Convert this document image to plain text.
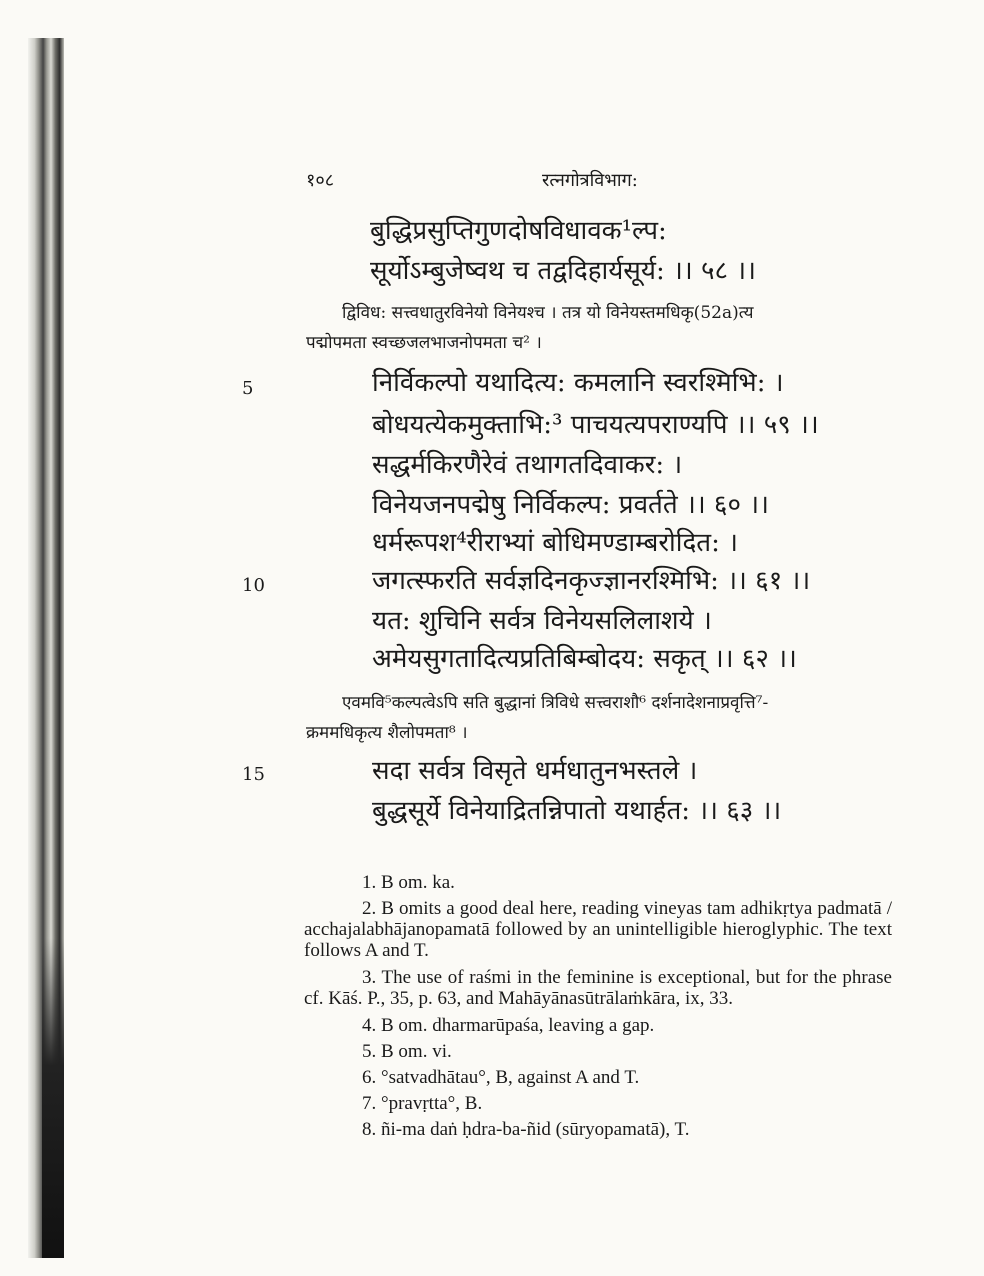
१०८	रत्नगोत्रविभाग:
बुद्धिप्रसुप्तिगुणदोषविधावक¹ल्प:
सूर्योऽम्बुजेष्वथ च तद्वदिहार्यसूर्य: ।। ५८ ।।
द्विविध: सत्त्वधातुरविनेयो विनेयश्च । तत्र यो विनेयस्तमधिकृ(52a)त्य
पद्मोपमता स्वच्छजलभाजनोपमता च² ।
5	निर्विकल्पो यथादित्य: कमलानि स्वरश्मिभि: ।
बोधयत्येकमुक्ताभि:³ पाचयत्यपराण्यपि ।। ५९ ।।
सद्धर्मकिरणैरेवं तथागतदिवाकर: ।
विनेयजनपद्मेषु निर्विकल्प: प्रवर्तते ।। ६० ।।
धर्मरूपश⁴रीराभ्यां बोधिमण्डाम्बरोदित: ।
10	जगत्स्फरति सर्वज्ञदिनकृज्ज्ञानरश्मिभि: ।। ६१ ।।
यत: शुचिनि सर्वत्र विनेयसलिलाशये ।
अमेयसुगतादित्यप्रतिबिम्बोदय: सकृत् ।। ६२ ।।
एवमवि⁵कल्पत्वेऽपि सति बुद्धानां त्रिविधे सत्त्वराशौ⁶ दर्शनादेशनाप्रवृत्ति⁷-
क्रममधिकृत्य शैलोपमता⁸ ।
15	सदा सर्वत्र विसृते धर्मधातुनभस्तले ।
बुद्धसूर्ये विनेयाद्रितन्निपातो यथार्हत: ।। ६३ ।।

1. B om. ka.

2. B omits a good deal here, reading vineyas tam adhikṛtya padmatā / acchajalabhājanopamatā followed by an unintelligible hieroglyphic. The text follows A and T.

3. The use of raśmi in the feminine is exceptional, but for the phrase cf. Kāś. P., 35, p. 63, and Mahāyānasūtrālaṁkāra, ix, 33.

4. B om. dharmarūpaśa, leaving a gap.

5. B om. vi.

6. °satvadhātau°, B, against A and T.

7. °pravṛtta°, B.

8. ñi-ma daṅ ḥdra-ba-ñid (sūryopamatā), T.
